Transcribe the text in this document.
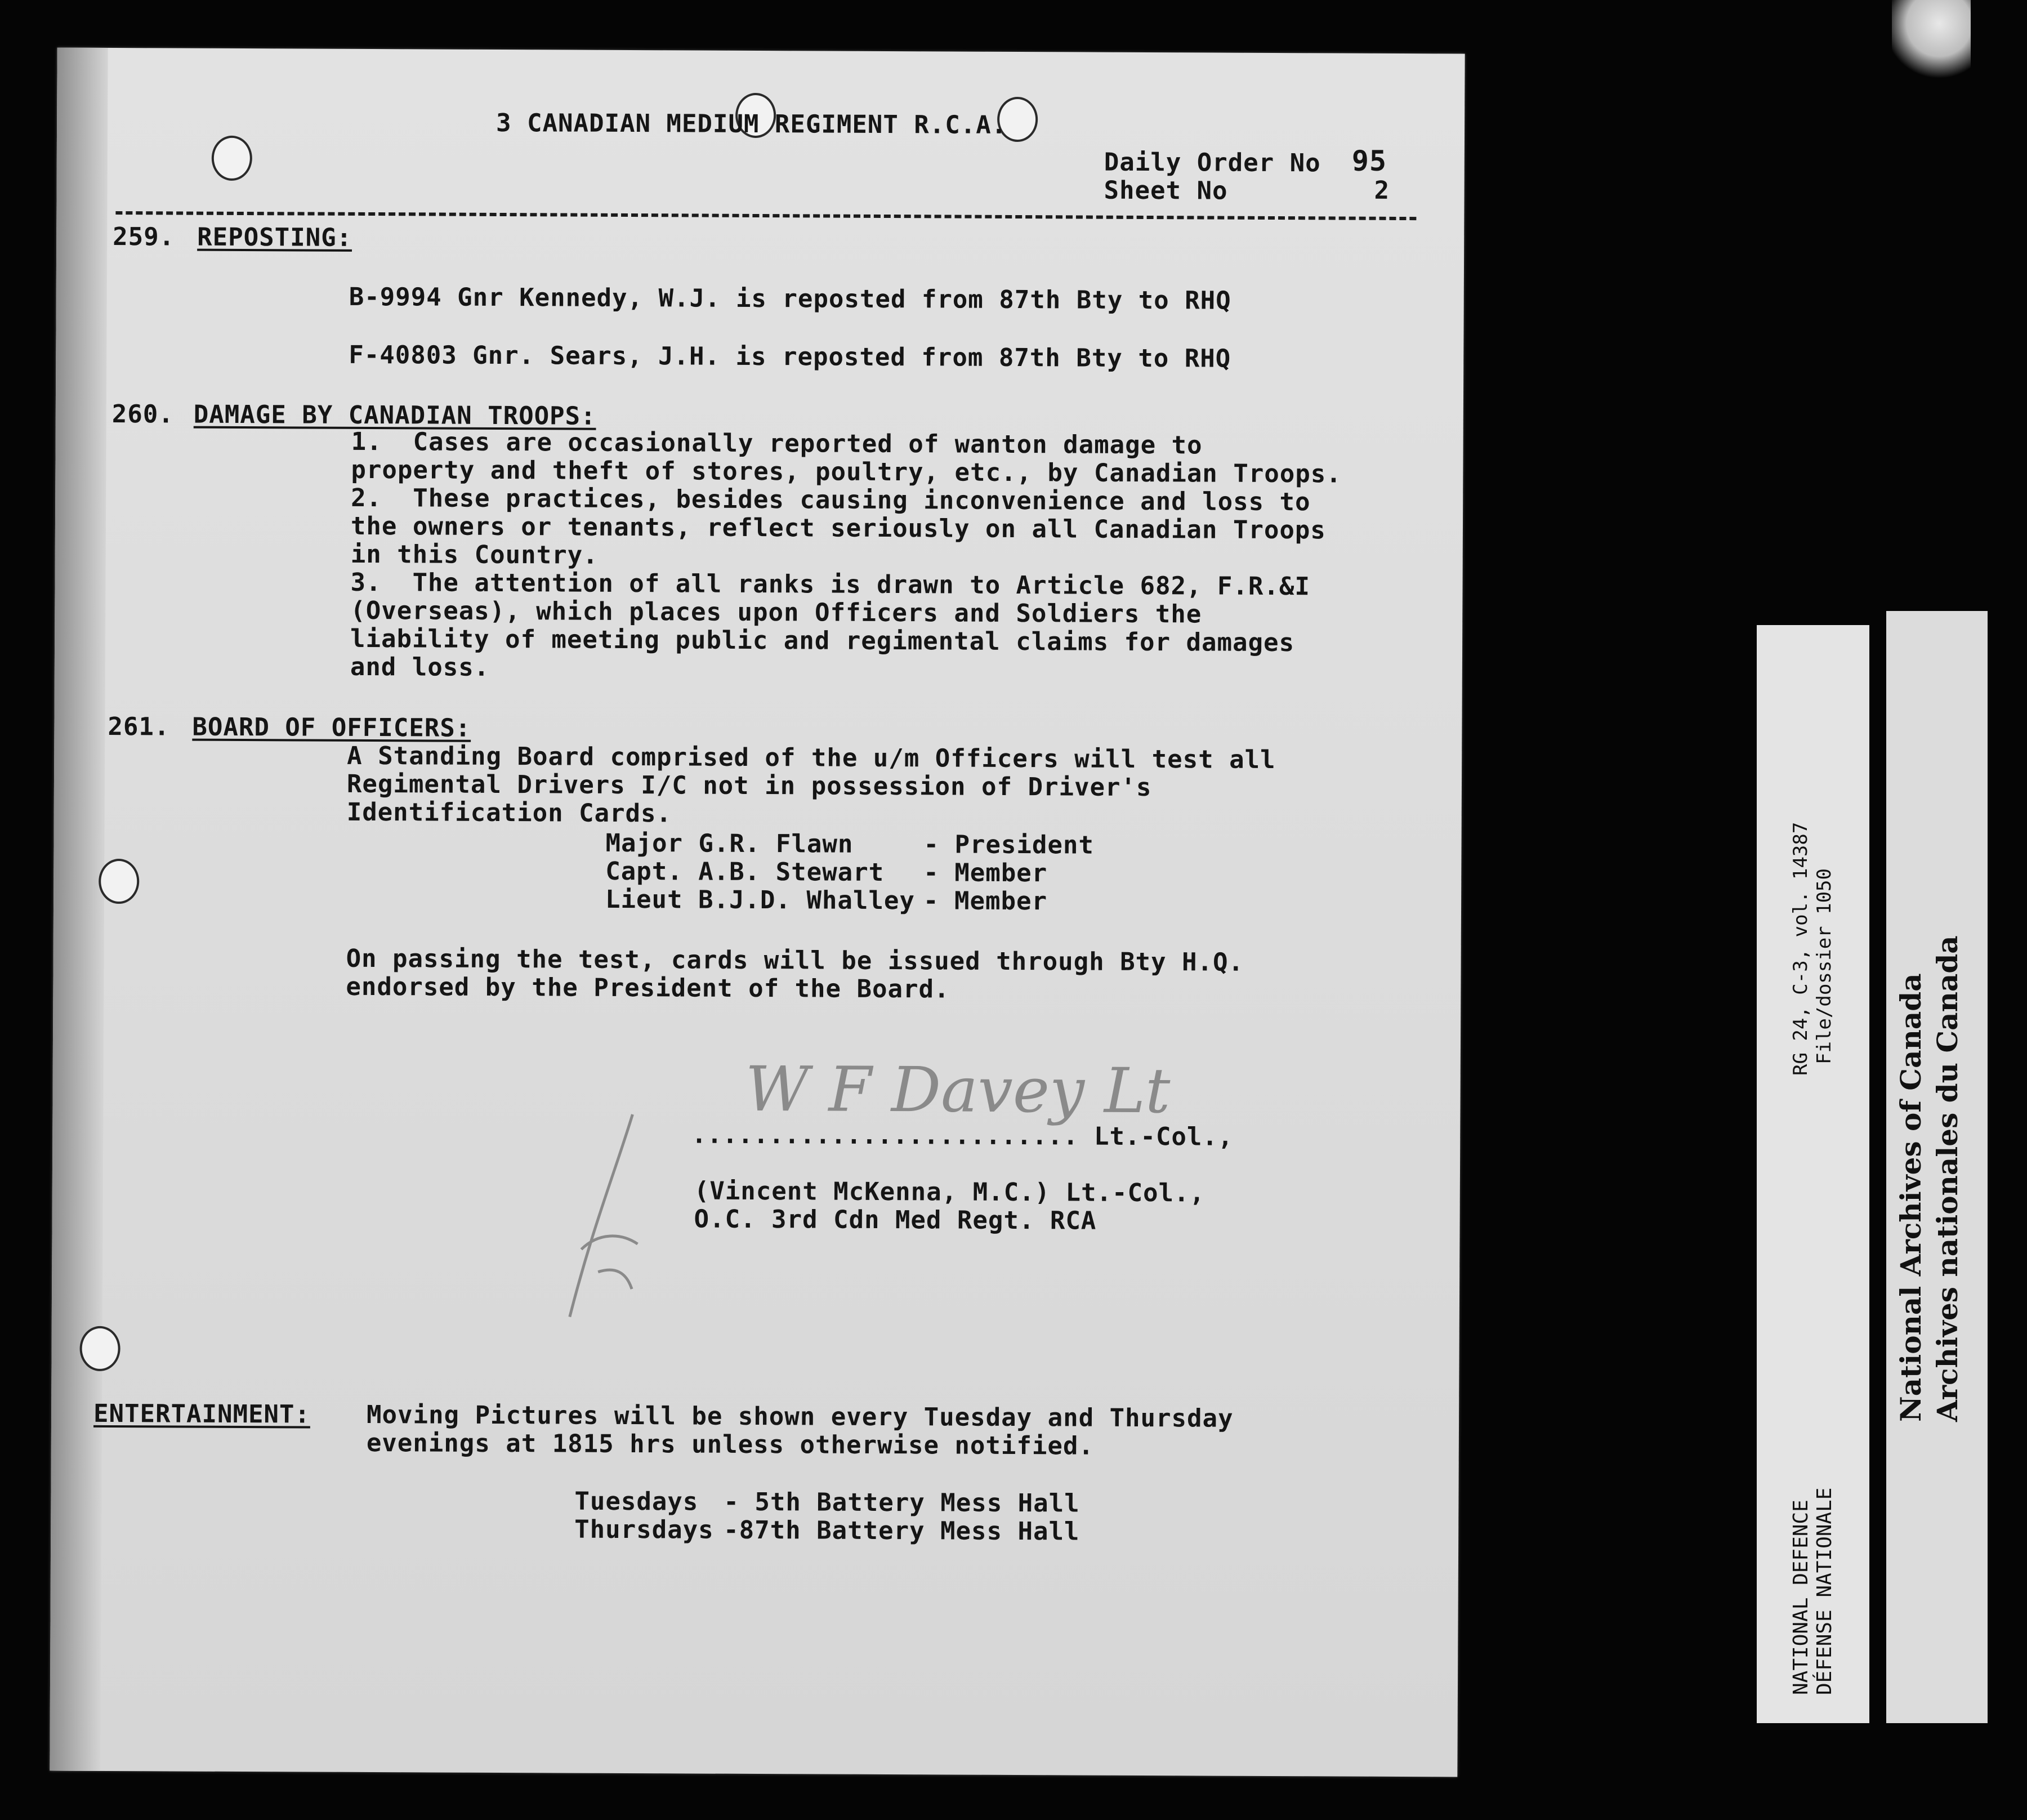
3 CANADIAN MEDIUM REGIMENT R.C.A.
Daily Order No 95
Sheet No	2
259. REPOSTING:
B-9994 Gnr Kennedy, W.J. is reposted from 87th Bty to RHQ
F-40803 Gnr. Sears, J.H. is reposted from 87th Bty to RHQ
260. DAMAGE BY CANADIAN TROOPS:
1.  Cases are occasionally reported of wanton damage to
property and theft of stores, poultry, etc., by Canadian Troops.
2.  These practices, besides causing inconvenience and loss to
the owners or tenants, reflect seriously on all Canadian Troops
in this Country.
3.  The attention of all ranks is drawn to Article 682, F.R.&I
(Overseas), which places upon Officers and Soldiers the
liability of meeting public and regimental claims for damages
and loss.
261. BOARD OF OFFICERS:
A Standing Board comprised of the u/m Officers will test all
Regimental Drivers I/C not in possession of Driver's
Identification Cards.
Major G.R. Flawn	- President
Capt. A.B. Stewart - Member
Lieut B.J.D. Whalley - Member
On passing the test, cards will be issued through Bty H.Q.
endorsed by the President of the Board.
W F Davey Lt
......................... Lt.-Col.,
(Vincent McKenna, M.C.) Lt.-Col.,
O.C. 3rd Cdn Med Regt. RCA
ENTERTAINMENT: Moving Pictures will be shown every Tuesday and Thursday
evenings at 1815 hrs unless otherwise notified.
Tuesdays - 5th Battery Mess Hall
Thursdays -87th Battery Mess Hall
RG 24, C-3, vol. 14387 File/dossier 1050
NATIONAL DEFENCE DÉFENSE NATIONALE
National Archives of Canada Archives nationales du Canada
